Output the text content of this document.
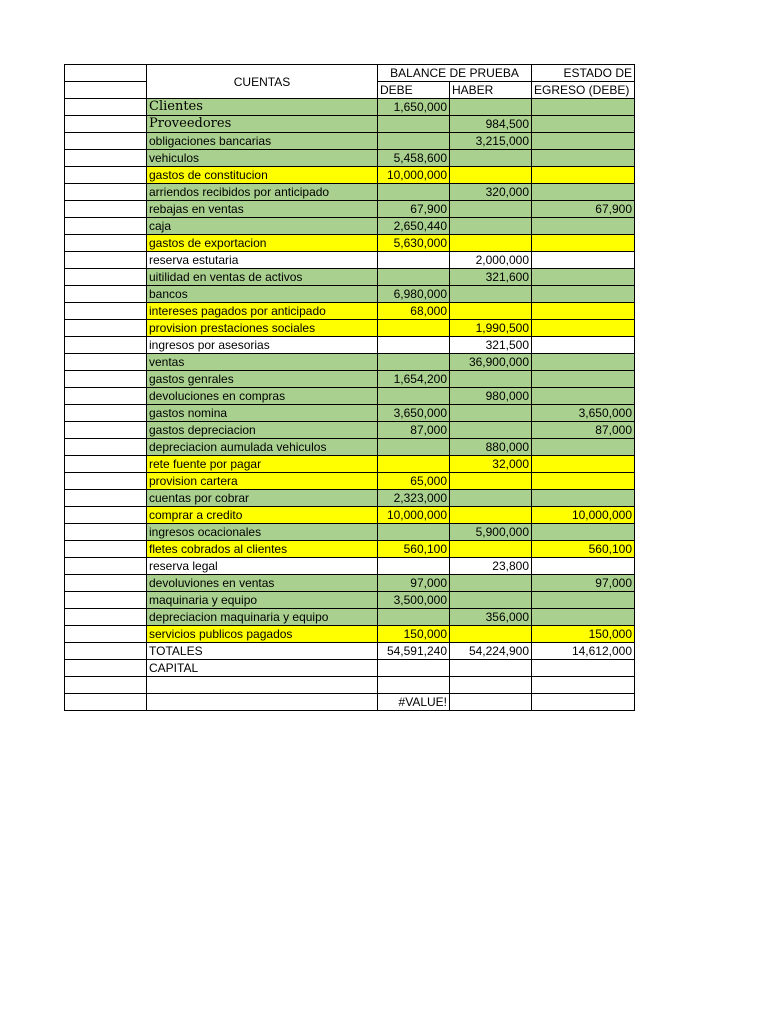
	CUENTAS	BALANCE DE PRUEBA		ESTADO DE
		DEBE	HABER	EGRESO (DEBE)
	Clientes	1,650,000		
	Proveedores		984,500	
	obligaciones bancarias		3,215,000	
	vehiculos	5,458,600		
	gastos de constitucion	10,000,000		
	arriendos recibidos por anticipado		320,000	
	rebajas en ventas	67,900		67,900
	caja	2,650,440		
	gastos de exportacion	5,630,000		
	reserva estutaria		2,000,000	
	uitilidad en ventas de activos		321,600	
	bancos	6,980,000		
	intereses pagados por anticipado	68,000		
	provision prestaciones sociales		1,990,500	
	ingresos por asesorias		321,500	
	ventas		36,900,000	
	gastos genrales	1,654,200		
	devoluciones en compras		980,000	
	gastos nomina	3,650,000		3,650,000
	gastos depreciacion	87,000		87,000
	depreciacion aumulada vehiculos		880,000	
	rete fuente por pagar		32,000	
	provision cartera	65,000		
	cuentas por cobrar	2,323,000		
	comprar a credito	10,000,000		10,000,000
	ingresos ocacionales		5,900,000	
	fletes cobrados al clientes	560,100		560,100
	reserva legal		23,800	
	devoluviones en ventas	97,000		97,000
	maquinaria y equipo	3,500,000		
	depreciacion maquinaria y equipo		356,000	
	servicios publicos pagados	150,000		150,000
	TOTALES	54,591,240	54,224,900	14,612,000
	CAPITAL			

		#VALUE!		
